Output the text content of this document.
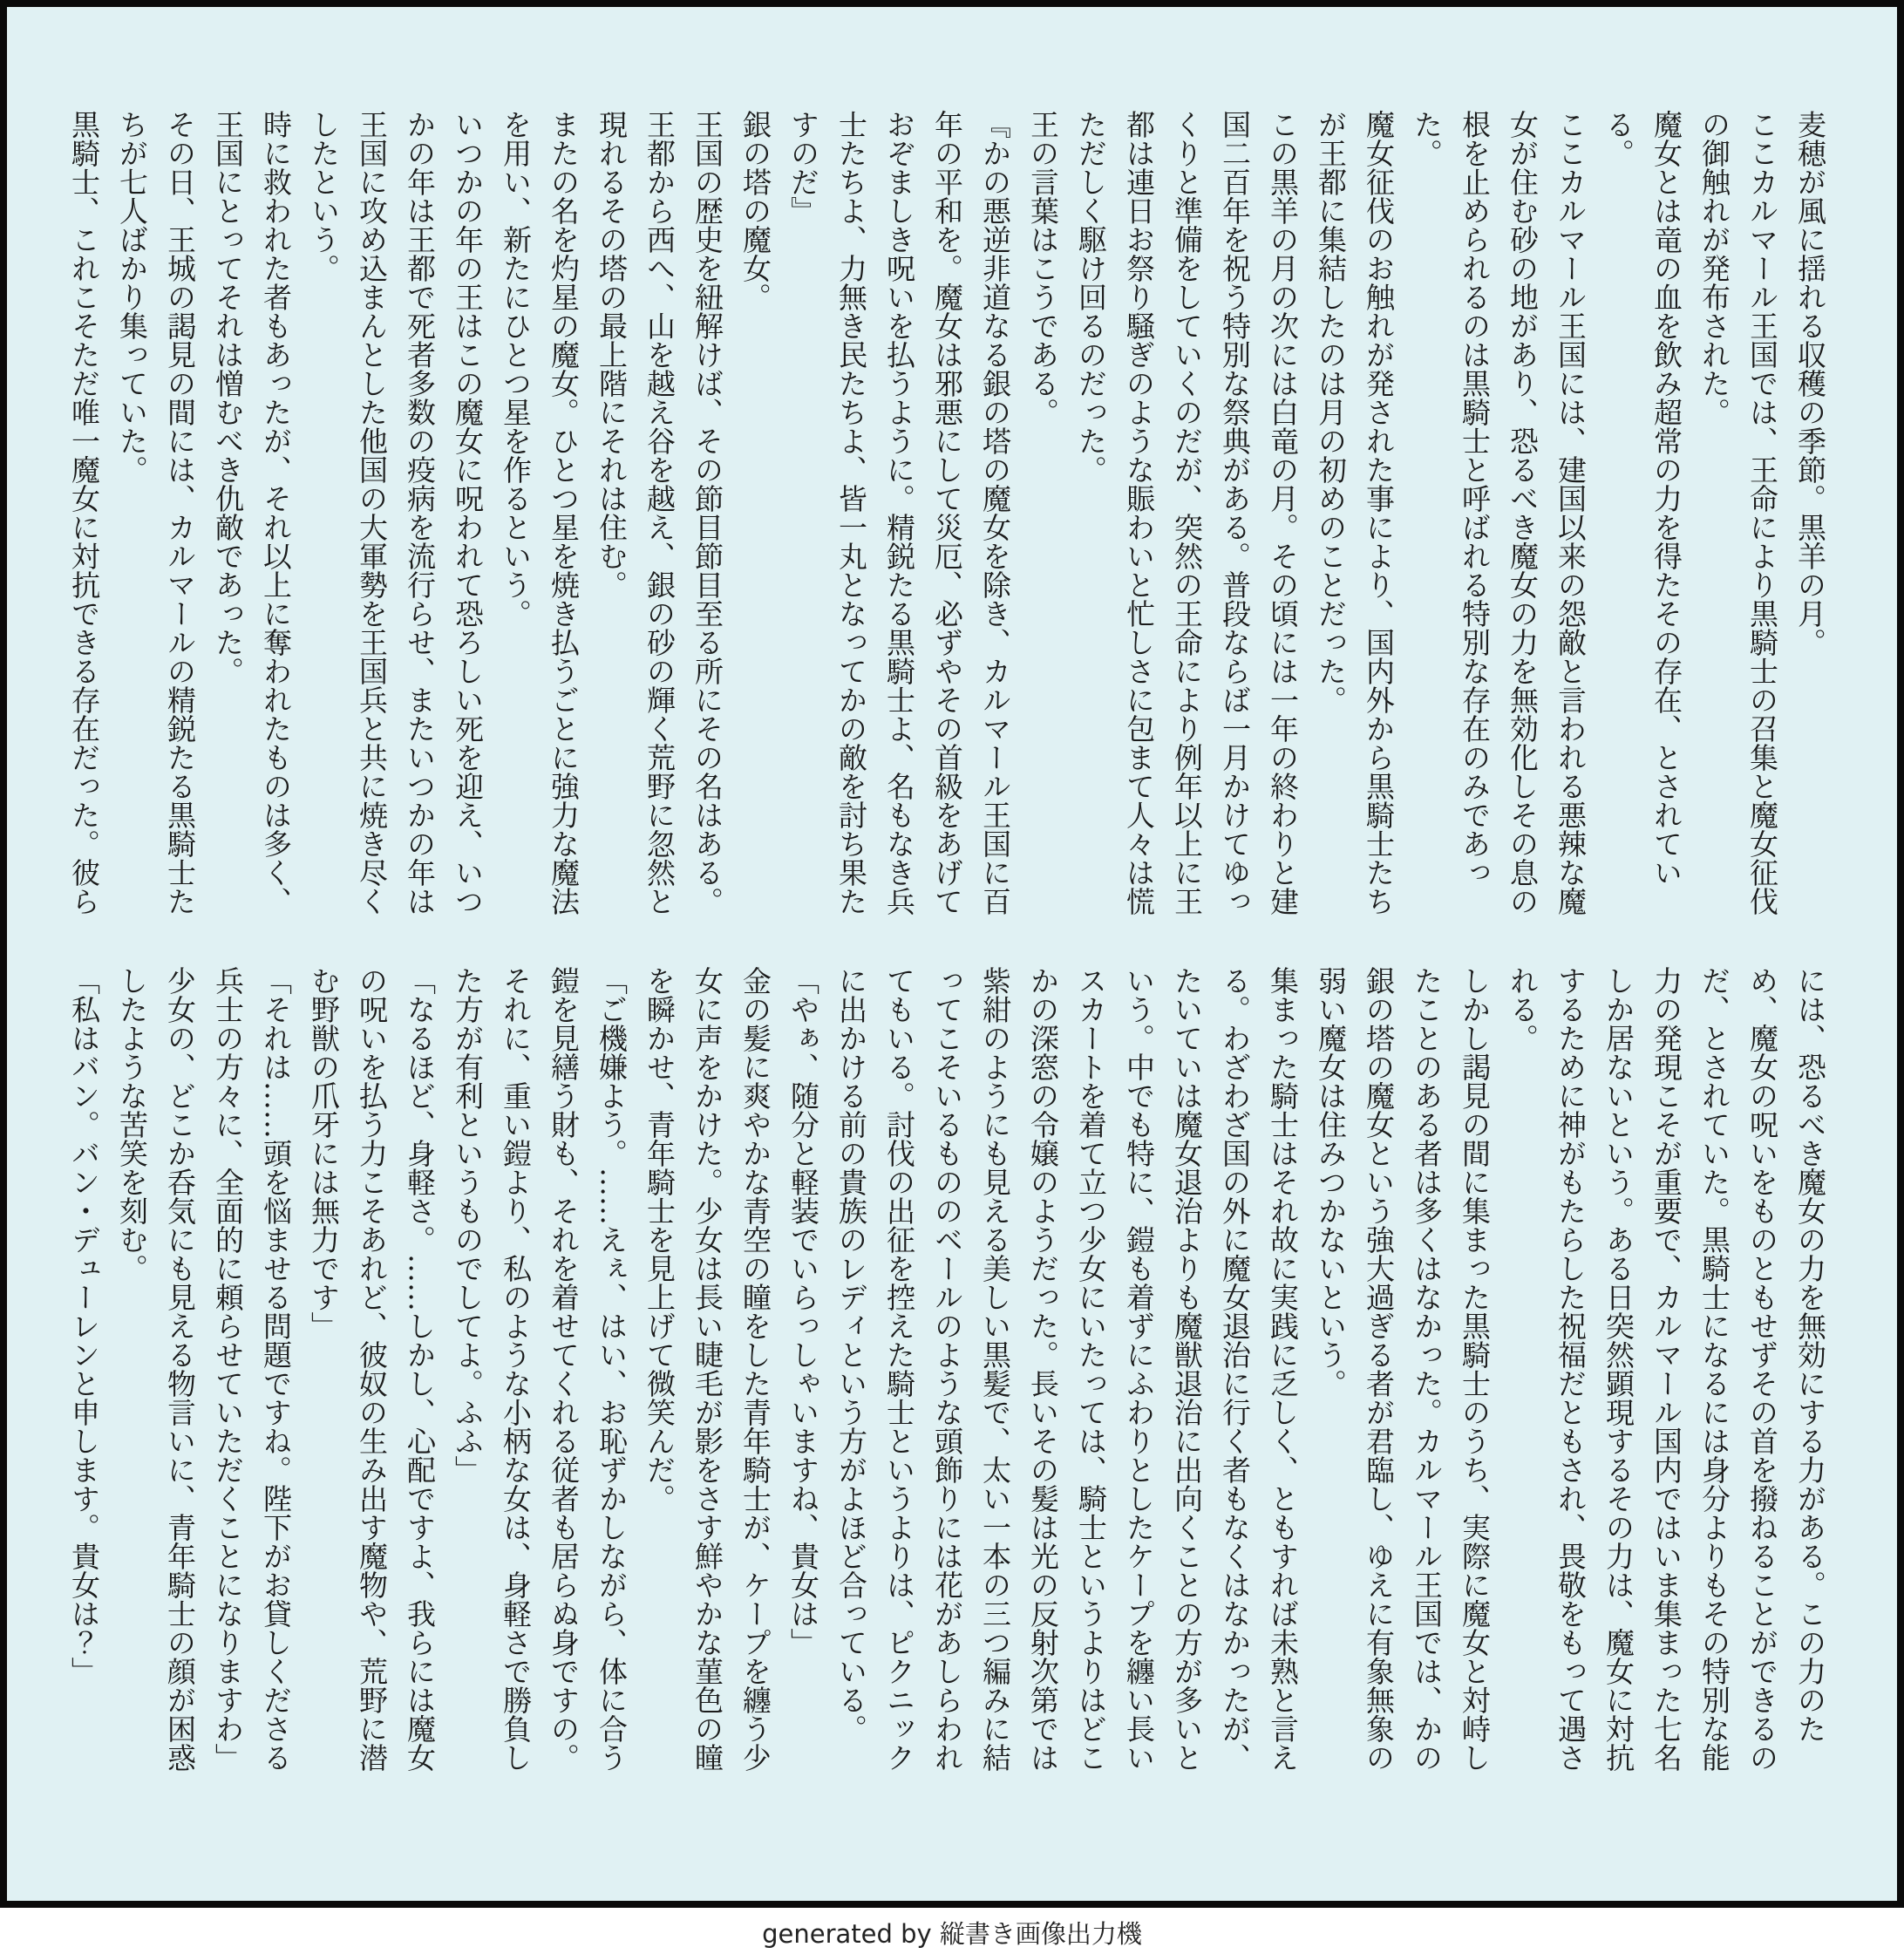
麦穂が風に揺れる収穫の季節。黒羊の月。

ここカルマール王国では、王命により黒騎士の召集と魔女征伐の御触れが発布された。

魔女とは竜の血を飲み超常の力を得たその存在、とされている。

ここカルマール王国には、建国以来の怨敵と言われる悪辣な魔女が住む砂の地があり、恐るべき魔女の力を無効化しその息の根を止められるのは黒騎士と呼ばれる特別な存在のみであった。

魔女征伐のお触れが発された事により、国内外から黒騎士たちが王都に集結したのは月の初めのことだった。

この黒羊の月の次には白竜の月。その頃には一年の終わりと建国二百年を祝う特別な祭典がある。普段ならば一月かけてゆっくりと準備をしていくのだが、突然の王命により例年以上に王都は連日お祭り騒ぎのような賑わいと忙しさに包まて人々は慌ただしく駆け回るのだった。

王の言葉はこうである。

『かの悪逆非道なる銀の塔の魔女を除き、カルマール王国に百年の平和を。魔女は邪悪にして災厄、必ずやその首級をあげておぞましき呪いを払うように。精鋭たる黒騎士よ、名もなき兵士たちよ、力無き民たちよ、皆一丸となってかの敵を討ち果たすのだ』

銀の塔の魔女。

王国の歴史を紐解けば、その節目節目至る所にその名はある。

王都から西へ、山を越え谷を越え、銀の砂の輝く荒野に忽然と現れるその塔の最上階にそれは住む。

またの名を灼星の魔女。ひとつ星を焼き払うごとに強力な魔法を用い、新たにひとつ星を作るという。

いつかの年の王はこの魔女に呪われて恐ろしい死を迎え、いつかの年は王都で死者多数の疫病を流行らせ、またいつかの年は王国に攻め込まんとした他国の大軍勢を王国兵と共に焼き尽くしたという。

時に救われた者もあったが、それ以上に奪われたものは多く、王国にとってそれは憎むべき仇敵であった。

その日、王城の謁見の間には、カルマールの精鋭たる黒騎士たちが七人ばかり集っていた。

黒騎士、これこそただ唯一魔女に対抗できる存在だった。彼ら

には、恐るべき魔女の力を無効にする力がある。この力のため、魔女の呪いをものともせずその首を撥ねることができるのだ、とされていた。黒騎士になるには身分よりもその特別な能力の発現こそが重要で、カルマール国内ではいま集まった七名しか居ないという。ある日突然顕現するその力は、魔女に対抗するために神がもたらした祝福だともされ、畏敬をもって遇される。

しかし謁見の間に集まった黒騎士のうち、実際に魔女と対峙したことのある者は多くはなかった。カルマール王国では、かの銀の塔の魔女という強大過ぎる者が君臨し、ゆえに有象無象の弱い魔女は住みつかないという。

集まった騎士はそれ故に実践に乏しく、ともすれば未熟と言える。わざわざ国の外に魔女退治に行く者もなくはなかったが、たいていは魔女退治よりも魔獣退治に出向くことの方が多いという。中でも特に、鎧も着ずにふわりとしたケープを纏い長いスカートを着て立つ少女にいたっては、騎士というよりはどこかの深窓の令嬢のようだった。長いその髪は光の反射次第では紫紺のようにも見える美しい黒髪で、太い一本の三つ編みに結ってこそいるもののベールのような頭飾りには花があしらわれてもいる。討伐の出征を控えた騎士というよりは、ピクニックに出かける前の貴族のレディという方がよほど合っている。

「やぁ、随分と軽装でいらっしゃいますね、貴女は」

金の髪に爽やかな青空の瞳をした青年騎士が、ケープを纏う少女に声をかけた。少女は長い睫毛が影をさす鮮やかな菫色の瞳を瞬かせ、青年騎士を見上げて微笑んだ。

「ご機嫌よう。……えぇ、はい、お恥ずかしながら、体に合う鎧を見繕う財も、それを着せてくれる従者も居らぬ身ですの。それに、重い鎧より、私のような小柄な女は、身軽さで勝負した方が有利というものでしてよ。ふふ」

「なるほど、身軽さ。……しかし、心配ですよ、我らには魔女の呪いを払う力こそあれど、彼奴の生み出す魔物や、荒野に潜む野獣の爪牙には無力です」

「それは……頭を悩ませる問題ですね。陛下がお貸しくださる兵士の方々に、全面的に頼らせていただくことになりますわ」

少女の、どこか呑気にも見える物言いに、青年騎士の顔が困惑したような苦笑を刻む。

「私はバン。バン・デューレンと申します。貴女は？」

generated by 縦書き画像出力機
